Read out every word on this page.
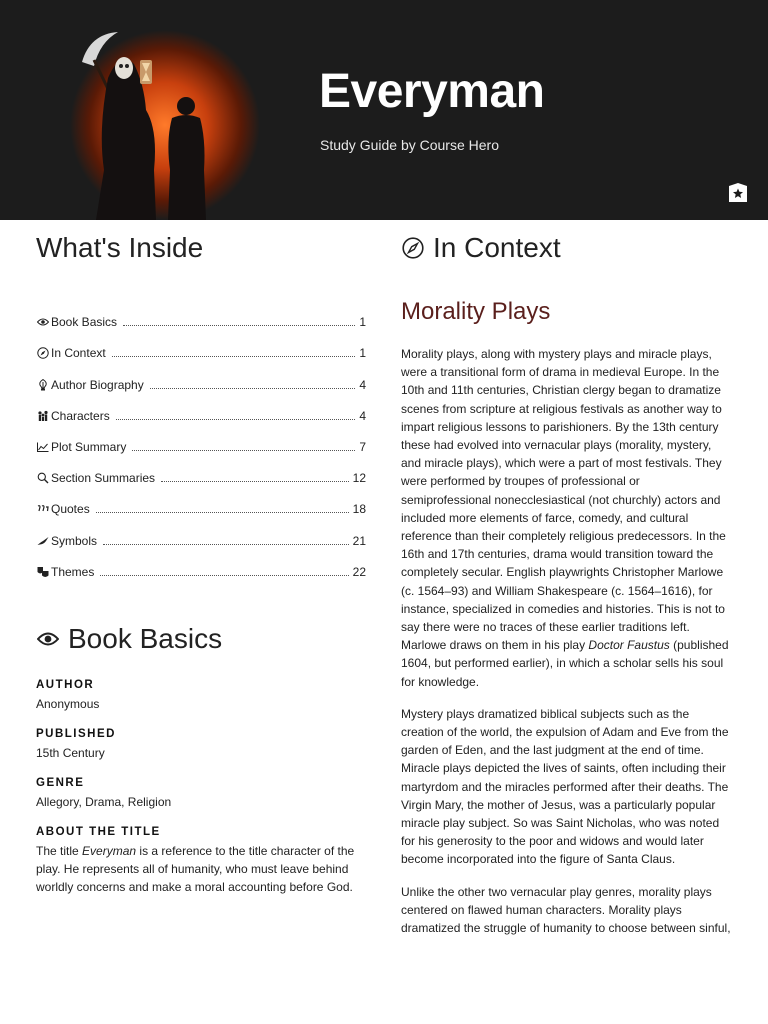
Everyman
Study Guide by Course Hero
What's Inside
Book Basics	1
In Context	1
Author Biography	4
Characters	4
Plot Summary	7
Section Summaries	12
Quotes	18
Symbols	21
Themes	22
Book Basics
AUTHOR
Anonymous
PUBLISHED
15th Century
GENRE
Allegory, Drama, Religion
ABOUT THE TITLE
The title Everyman is a reference to the title character of the play. He represents all of humanity, who must leave behind worldly concerns and make a moral accounting before God.
In Context
Morality Plays

Morality plays, along with mystery plays and miracle plays, were a transitional form of drama in medieval Europe. In the 10th and 11th centuries, Christian clergy began to dramatize scenes from scripture at religious festivals as another way to impart religious lessons to parishioners. By the 13th century these had evolved into vernacular plays (morality, mystery, and miracle plays), which were a part of most festivals. They were performed by troupes of professional or semiprofessional nonecclesiastical (not churchly) actors and included more elements of farce, comedy, and cultural reference than their completely religious predecessors. In the 16th and 17th centuries, drama would transition toward the completely secular. English playwrights Christopher Marlowe (c. 1564–93) and William Shakespeare (c. 1564–1616), for instance, specialized in comedies and histories. This is not to say there were no traces of these earlier traditions left. Marlowe draws on them in his play Doctor Faustus (published 1604, but performed earlier), in which a scholar sells his soul for knowledge.

Mystery plays dramatized biblical subjects such as the creation of the world, the expulsion of Adam and Eve from the garden of Eden, and the last judgment at the end of time. Miracle plays depicted the lives of saints, often including their martyrdom and the miracles performed after their deaths. The Virgin Mary, the mother of Jesus, was a particularly popular miracle play subject. So was Saint Nicholas, who was noted for his generosity to the poor and widows and would later become incorporated into the figure of Santa Claus.

Unlike the other two vernacular play genres, morality plays centered on flawed human characters. Morality plays dramatized the struggle of humanity to choose between sinful,
